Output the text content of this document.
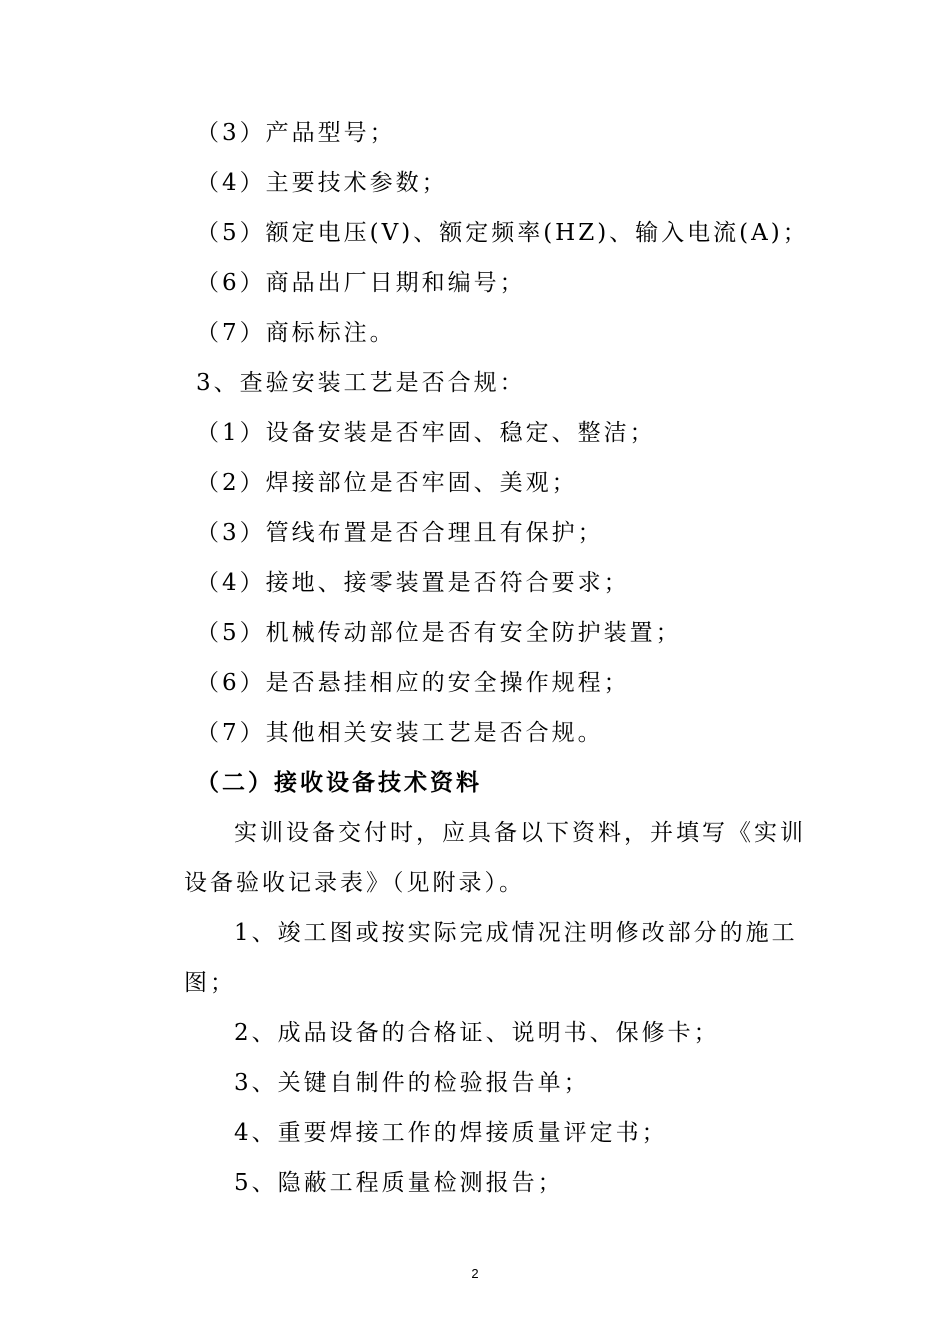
（3）产品型号；
（4）主要技术参数；
（5）额定电压(V)、额定频率(HZ)、输入电流(A)；
（6）商品出厂日期和编号；
（7）商标标注。
3、查验安装工艺是否合规：
（1）设备安装是否牢固、稳定、整洁；
（2）焊接部位是否牢固、美观；
（3）管线布置是否合理且有保护；
（4）接地、接零装置是否符合要求；
（5）机械传动部位是否有安全防护装置；
（6）是否悬挂相应的安全操作规程；
（7）其他相关安装工艺是否合规。
（二）接收设备技术资料
实训设备交付时，应具备以下资料，并填写《实训
设备验收记录表》（见附录）。
1、竣工图或按实际完成情况注明修改部分的施工
图；
2、成品设备的合格证、说明书、保修卡；
3、关键自制件的检验报告单；
4、重要焊接工作的焊接质量评定书；
5、隐蔽工程质量检测报告；
2
